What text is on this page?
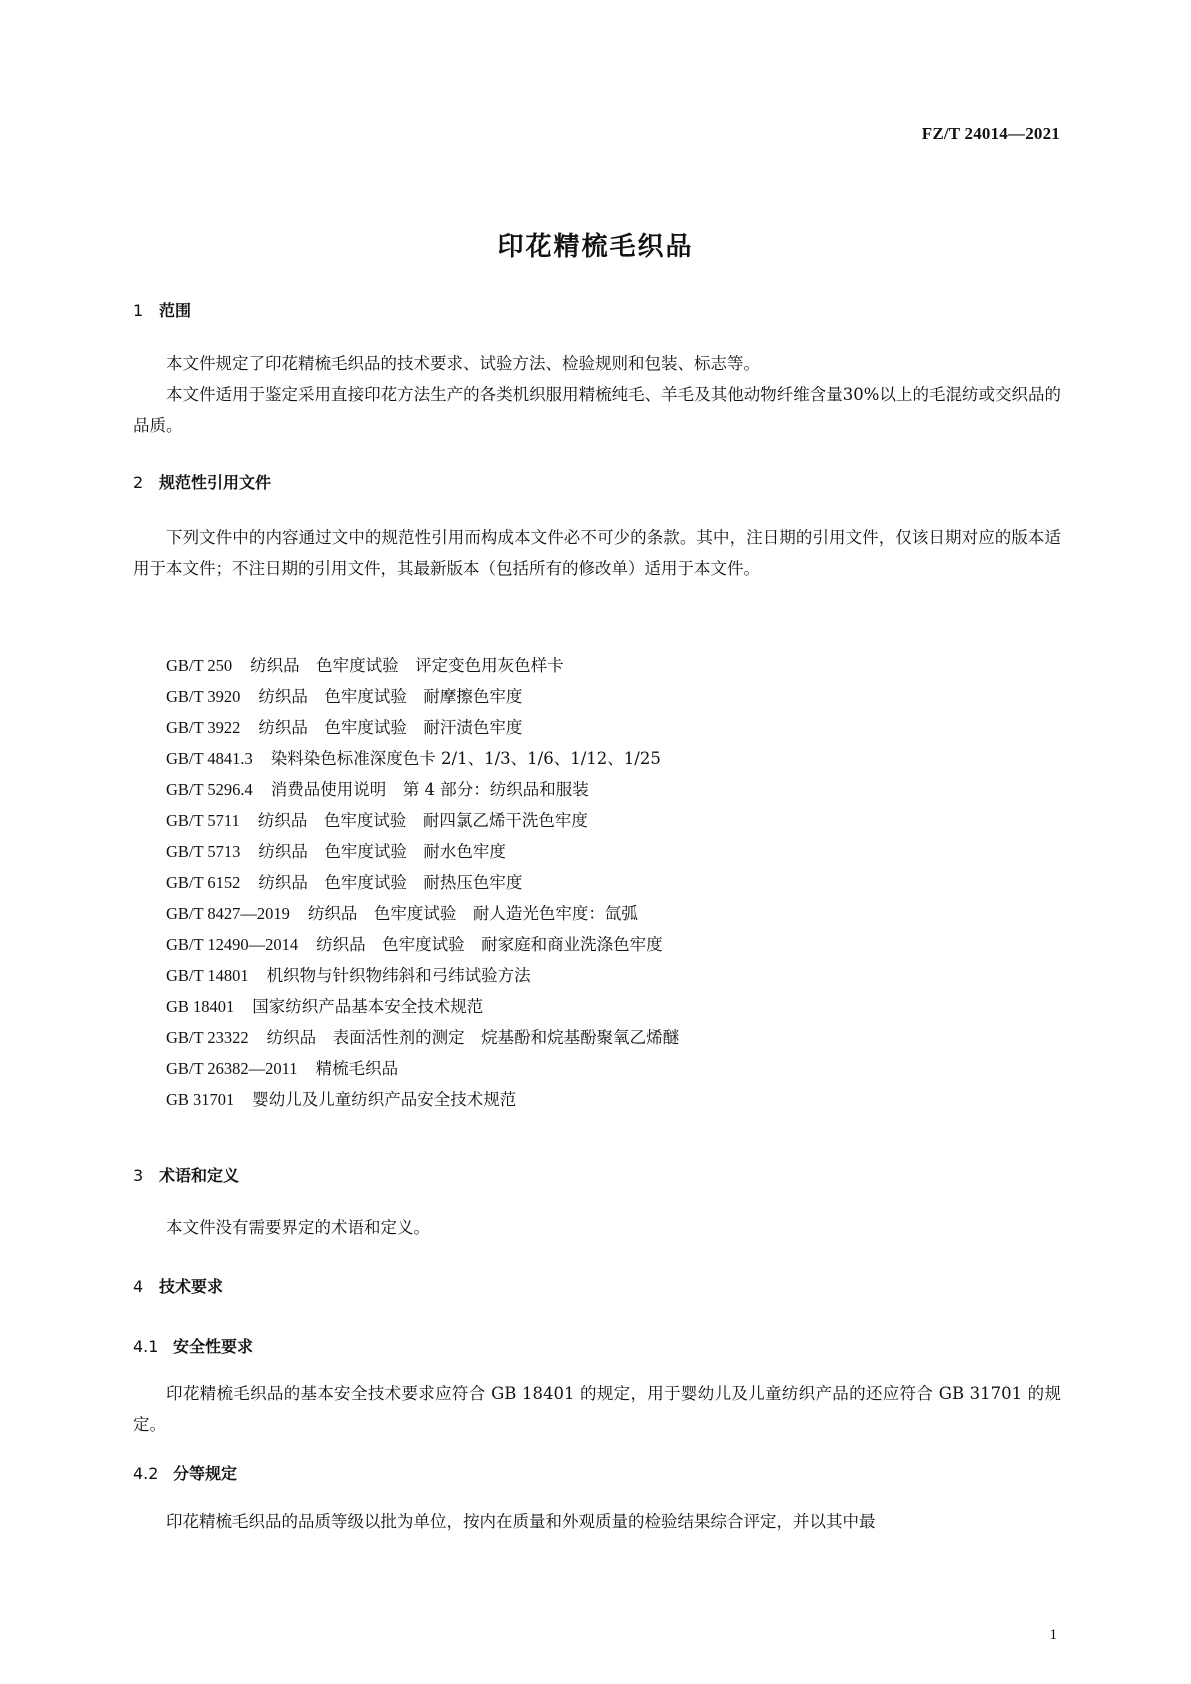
FZ/T 24014—2021
印花精梳毛织品
1 范围
本文件规定了印花精梳毛织品的技术要求、试验方法、检验规则和包装、标志等。
本文件适用于鉴定采用直接印花方法生产的各类机织服用精梳纯毛、羊毛及其他动物纤维含量30%以上的毛混纺或交织品的品质。
2 规范性引用文件
下列文件中的内容通过文中的规范性引用而构成本文件必不可少的条款。其中，注日期的引用文件，仅该日期对应的版本适用于本文件；不注日期的引用文件，其最新版本（包括所有的修改单）适用于本文件。
GB/T 250 纺织品　色牢度试验　评定变色用灰色样卡
GB/T 3920 纺织品　色牢度试验　耐摩擦色牢度
GB/T 3922 纺织品　色牢度试验　耐汗渍色牢度
GB/T 4841.3 染料染色标准深度色卡 2/1、1/3、1/6、1/12、1/25
GB/T 5296.4 消费品使用说明　第 4 部分：纺织品和服装
GB/T 5711 纺织品　色牢度试验　耐四氯乙烯干洗色牢度
GB/T 5713 纺织品　色牢度试验　耐水色牢度
GB/T 6152 纺织品　色牢度试验　耐热压色牢度
GB/T 8427—2019 纺织品　色牢度试验　耐人造光色牢度：氙弧
GB/T 12490—2014 纺织品　色牢度试验　耐家庭和商业洗涤色牢度
GB/T 14801 机织物与针织物纬斜和弓纬试验方法
GB 18401 国家纺织产品基本安全技术规范
GB/T 23322 纺织品　表面活性剂的测定　烷基酚和烷基酚聚氧乙烯醚
GB/T 26382—2011 精梳毛织品
GB 31701 婴幼儿及儿童纺织产品安全技术规范
3 术语和定义
本文件没有需要界定的术语和定义。
4 技术要求
4.1 安全性要求
印花精梳毛织品的基本安全技术要求应符合 GB 18401 的规定，用于婴幼儿及儿童纺织产品的还应符合 GB 31701 的规定。
4.2 分等规定
印花精梳毛织品的品质等级以批为单位，按内在质量和外观质量的检验结果综合评定，并以其中最
1
